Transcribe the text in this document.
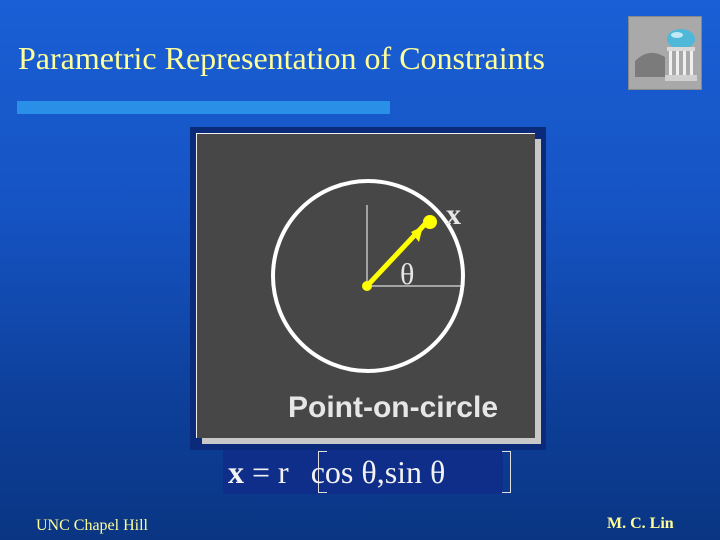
Parametric Representation of Constraints
x
θ
Point-on-circle
x = r cos θ,sin θ
UNC Chapel Hill	M. C. Lin
